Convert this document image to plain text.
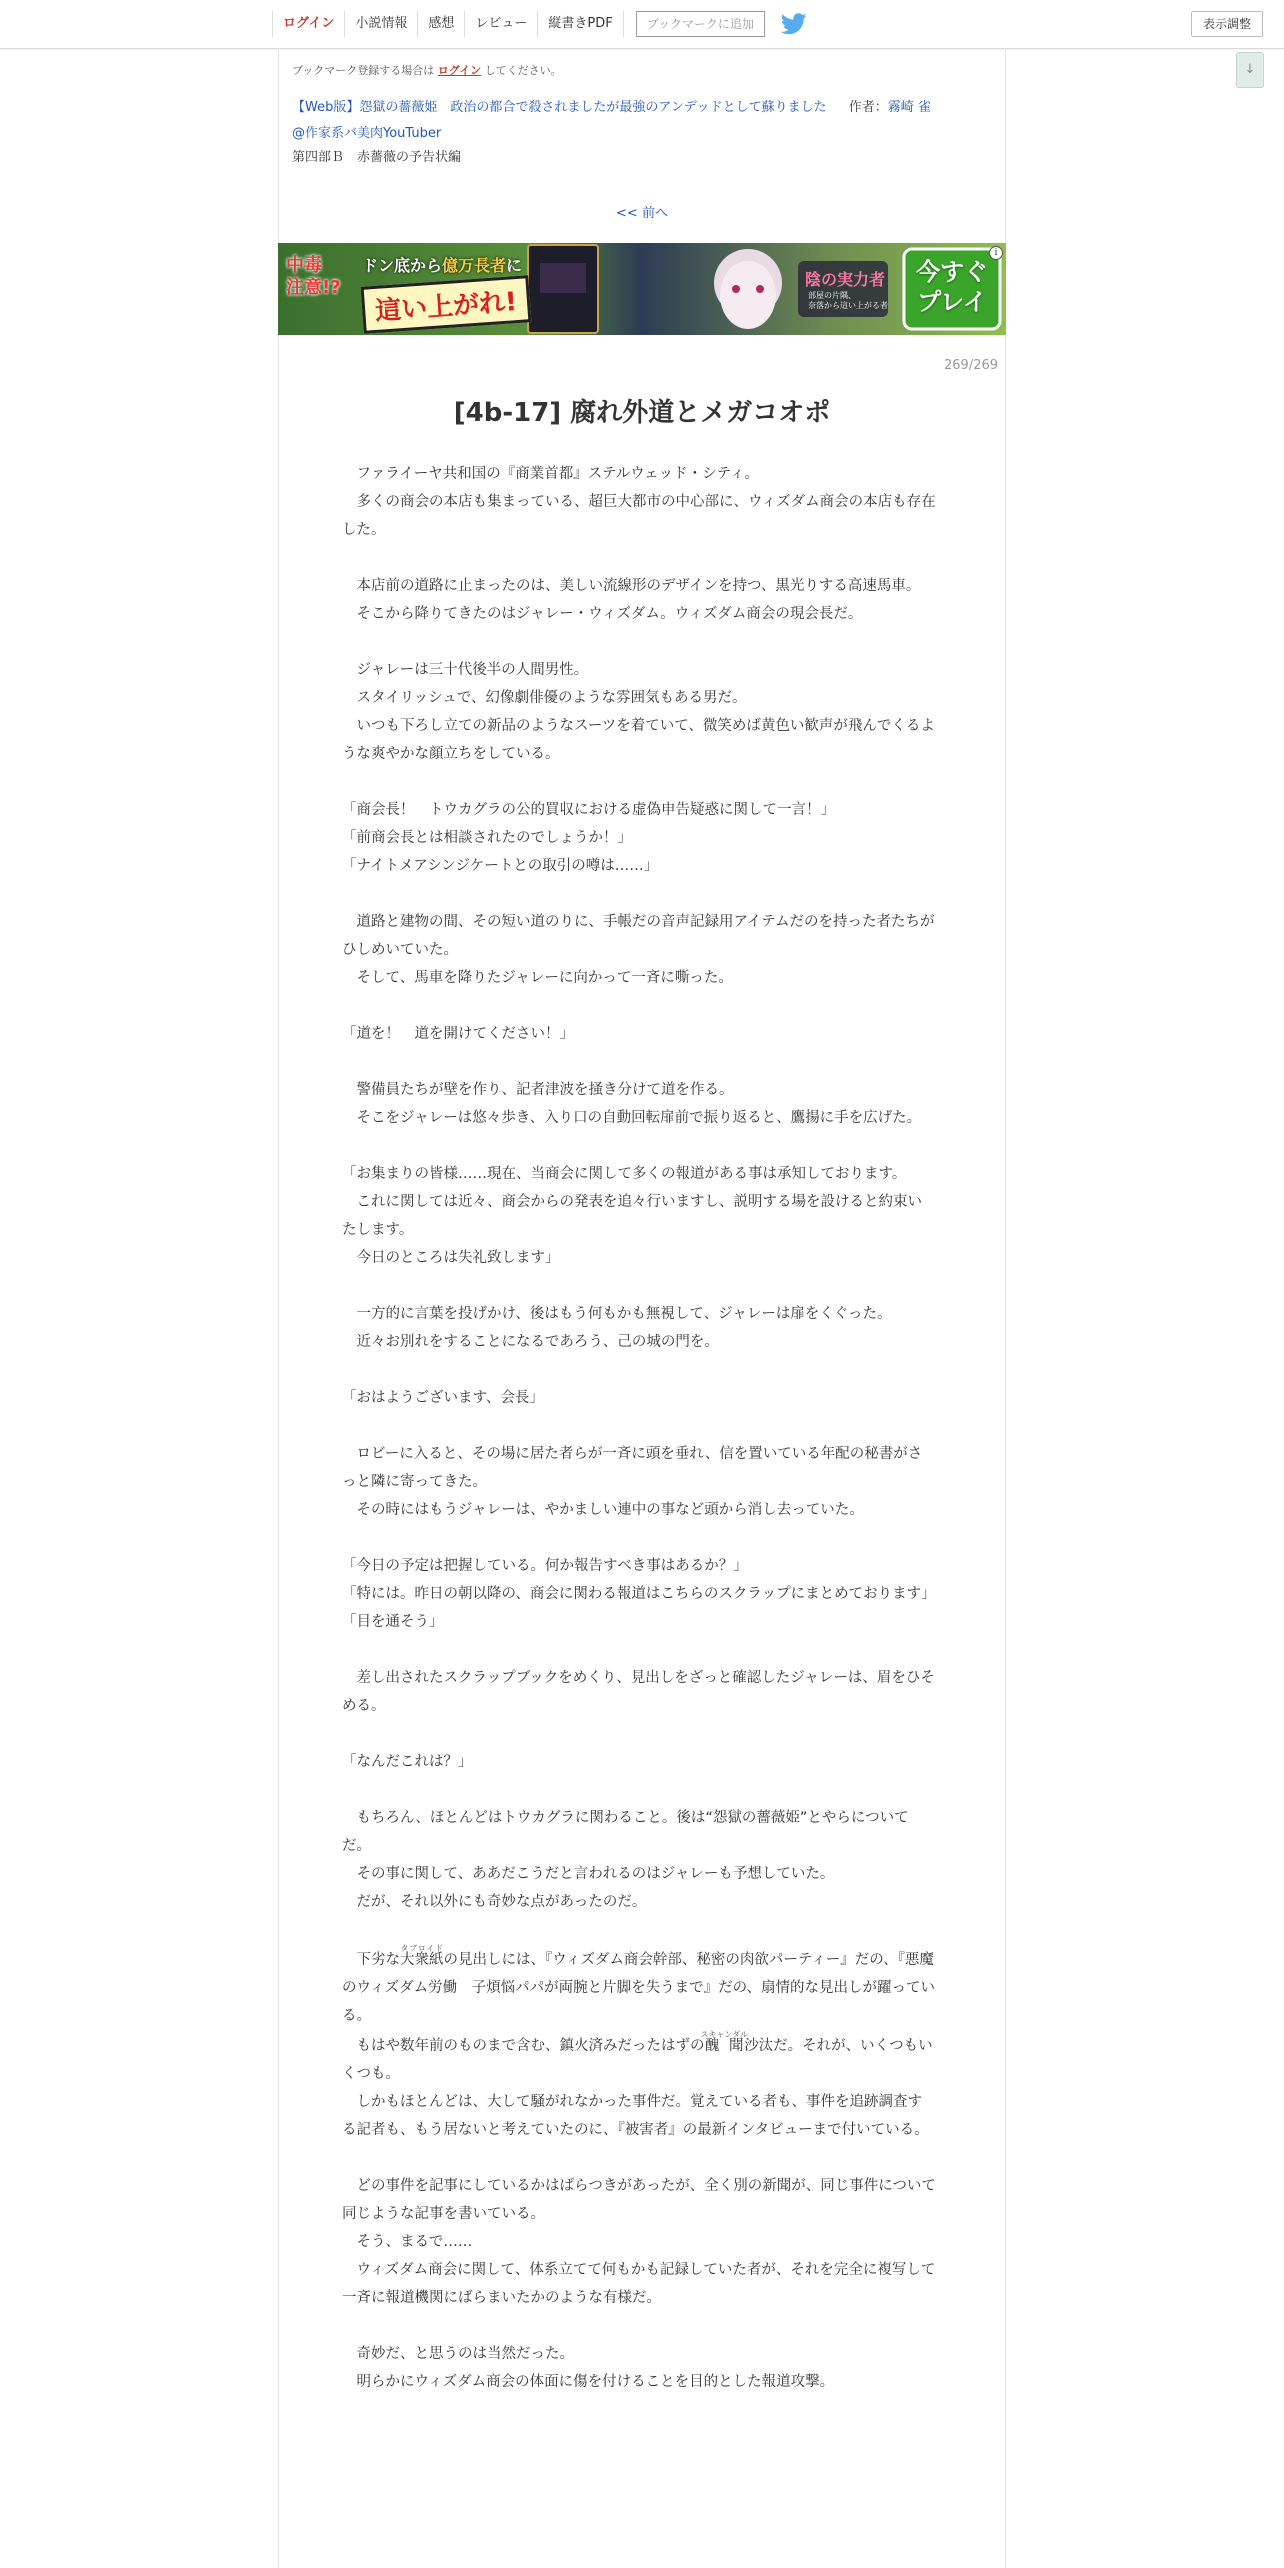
ログイン	小説情報	感想	レビュー	縦書きPDF	ブックマークに追加	表示調整
↓
ブックマーク登録する場合は ログイン してください。
【Web版】怨獄の薔薇姫　政治の都合で殺されましたが最強のアンデッドとして蘇りました 作者：霧崎 雀
@作家系バ美肉YouTuber
第四部Ｂ　赤薔薇の予告状編
<< 前へ
中毒
注意!?
ドン底から億万長者に
這い上がれ!
陰の実力者
部屋の片隅、
奈落から這い上がる者
今すぐ
プレイ
i
269/269
[4b-17] 腐れ外道とメガコオポ

　ファライーヤ共和国の『商業首都』ステルウェッド・シティ。

　多くの商会の本店も集まっている、超巨大都市の中心部に、ウィズダム商会の本店も存在した。

　本店前の道路に止まったのは、美しい流線形のデザインを持つ、黒光りする高速馬車。

　そこから降りてきたのはジャレー・ウィズダム。ウィズダム商会の現会長だ。

　ジャレーは三十代後半の人間男性。

　スタイリッシュで、幻像劇俳優のような雰囲気もある男だ。

　いつも下ろし立ての新品のようなスーツを着ていて、微笑めば黄色い歓声が飛んでくるような爽やかな顔立ちをしている。

「商会長！　トウカグラの公的買収における虚偽申告疑惑に関して一言！」

「前商会長とは相談されたのでしょうか！」

「ナイトメアシンジケートとの取引の噂は……」

　道路と建物の間、その短い道のりに、手帳だの音声記録用アイテムだのを持った者たちがひしめいていた。

　そして、馬車を降りたジャレーに向かって一斉に嘶った。

「道を！　道を開けてください！」

　警備員たちが壁を作り、記者津波を掻き分けて道を作る。

　そこをジャレーは悠々歩き、入り口の自動回転扉前で振り返ると、鷹揚に手を広げた。

「お集まりの皆様……現在、当商会に関して多くの報道がある事は承知しております。

　これに関しては近々、商会からの発表を追々行いますし、説明する場を設けると約束いたします。

　今日のところは失礼致します」

　一方的に言葉を投げかけ、後はもう何もかも無視して、ジャレーは扉をくぐった。

　近々お別れをすることになるであろう、己の城の門を。

「おはようございます、会長」

　ロビーに入ると、その場に居た者らが一斉に頭を垂れ、信を置いている年配の秘書がさっと隣に寄ってきた。

　その時にはもうジャレーは、やかましい連中の事など頭から消し去っていた。

「今日の予定は把握している。何か報告すべき事はあるか？」

「特には。昨日の朝以降の、商会に関わる報道はこちらのスクラップにまとめております」

「目を通そう」

　差し出されたスクラップブックをめくり、見出しをざっと確認したジャレーは、眉をひそめる。

「なんだこれは？」

　もちろん、ほとんどはトウカグラに関わること。後は“怨獄の薔薇姫”とやらについてだ。

　その事に関して、ああだこうだと言われるのはジャレーも予想していた。

　だが、それ以外にも奇妙な点があったのだ。

　下劣な大衆紙タブロイドの見出しには、『ウィズダム商会幹部、秘密の肉欲パーティー』だの、『悪魔のウィズダム労働　子煩悩パパが両腕と片脚を失うまで』だの、扇情的な見出しが躍っている。

　もはや数年前のものまで含む、鎮火済みだったはずの醜聞スキャンダル沙汰だ。それが、いくつもいくつも。

　しかもほとんどは、大して騒がれなかった事件だ。覚えている者も、事件を追跡調査する記者も、もう居ないと考えていたのに、『被害者』の最新インタビューまで付いている。

　どの事件を記事にしているかはばらつきがあったが、全く別の新聞が、同じ事件について同じような記事を書いている。

　そう、まるで……

　ウィズダム商会に関して、体系立てて何もかも記録していた者が、それを完全に複写して一斉に報道機関にばらまいたかのような有様だ。

　奇妙だ、と思うのは当然だった。

　明らかにウィズダム商会の体面に傷を付けることを目的とした報道攻撃。
